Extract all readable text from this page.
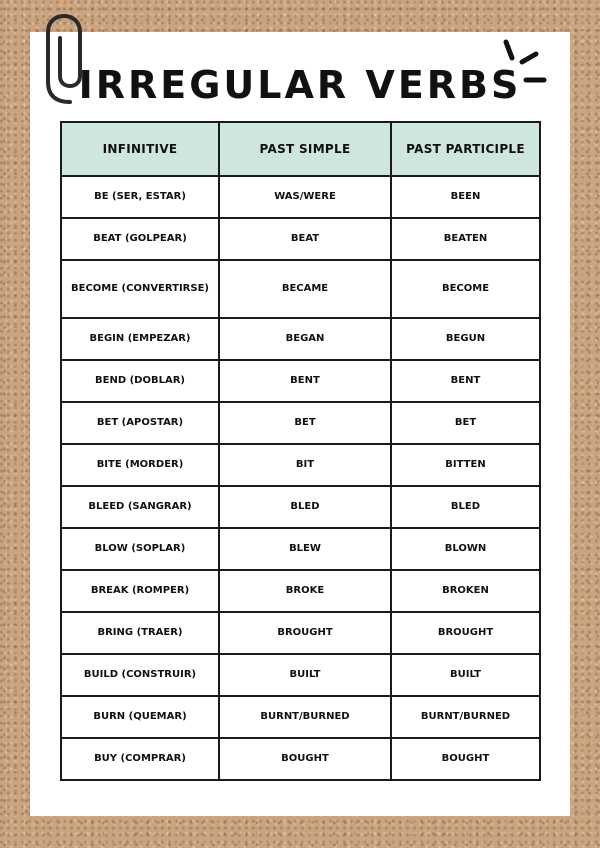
IRREGULAR VERBS
INFINITIVE	PAST SIMPLE	PAST PARTICIPLE
BE (SER, ESTAR)	WAS/WERE	BEEN
BEAT (GOLPEAR)	BEAT	BEATEN
BECOME (CONVERTIRSE)	BECAME	BECOME
BEGIN (EMPEZAR)	BEGAN	BEGUN
BEND (DOBLAR)	BENT	BENT
BET (APOSTAR)	BET	BET
BITE (MORDER)	BIT	BITTEN
BLEED (SANGRAR)	BLED	BLED
BLOW (SOPLAR)	BLEW	BLOWN
BREAK (ROMPER)	BROKE	BROKEN
BRING (TRAER)	BROUGHT	BROUGHT
BUILD (CONSTRUIR)	BUILT	BUILT
BURN (QUEMAR)	BURNT/BURNED	BURNT/BURNED
BUY (COMPRAR)	BOUGHT	BOUGHT
